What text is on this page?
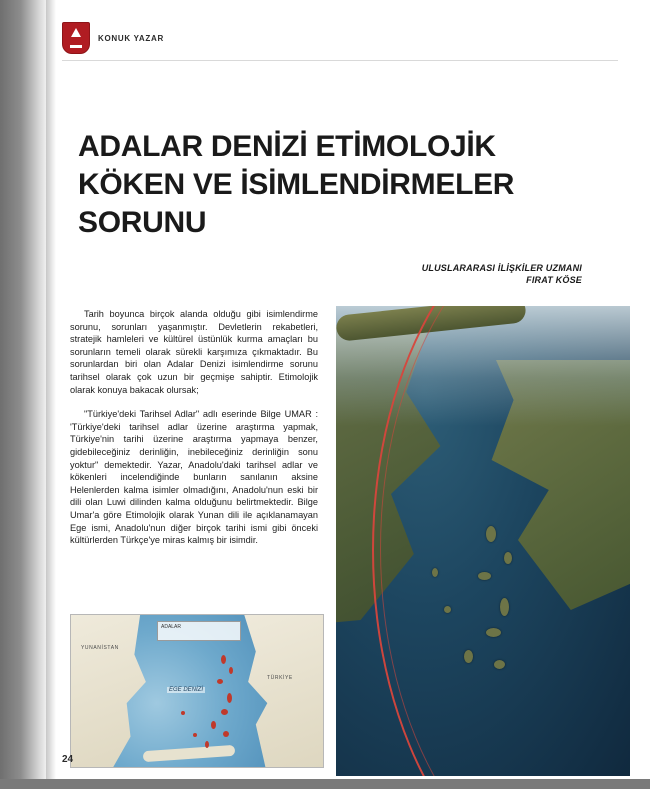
KONUK YAZAR
ADALAR DENİZİ ETİMOLOJİK KÖKEN VE İSİMLENDİRMELER SORUNU
ULUSLARARASI İLİŞKİLER UZMANI
FIRAT KÖSE

Tarih boyunca birçok alanda olduğu gibi isimlendirme sorunu, sorunları yaşanmıştır. Devletlerin rekabetleri, stratejik hamleleri ve kültürel üstünlük kurma amaçları bu sorunların temeli olarak sürekli karşımıza çıkmaktadır. Bu sorunlardan biri olan Adalar Denizi isimlendirme sorunu tarihsel olarak çok uzun bir geçmişe sahiptir. Etimolojik olarak konuya bakacak olursak;

"Türkiye'deki Tarihsel Adlar" adlı eserinde Bilge UMAR : 'Türkiye'deki tarihsel adlar üzerine araştırma yapmak, Türkiye'nin tarihi üzerine araştırma yapmaya benzer, gidebileceğiniz derinliğin, inebileceğiniz derinliğin sonu yoktur" demektedir. Yazar, Anadolu'daki tarihsel adlar ve kökenleri incelendiğinde bunların sanılanın aksine Helenlerden kalma isimler olmadığını, Anadolu'nun eski bir dili olan Luwi dilinden kalma olduğunu belirtmektedir. Bilge Umar'a göre Etimolojik olarak Yunan dili ile açıklanamayan Ege ismi, Anadolu'nun diğer birçok tarihi ismi gibi önceki kültürlerden Türkçe'ye miras kalmış bir isimdir.

TÜRKİYE
YUNANİSTAN
EGE DENİZİ
ADALAR
24
